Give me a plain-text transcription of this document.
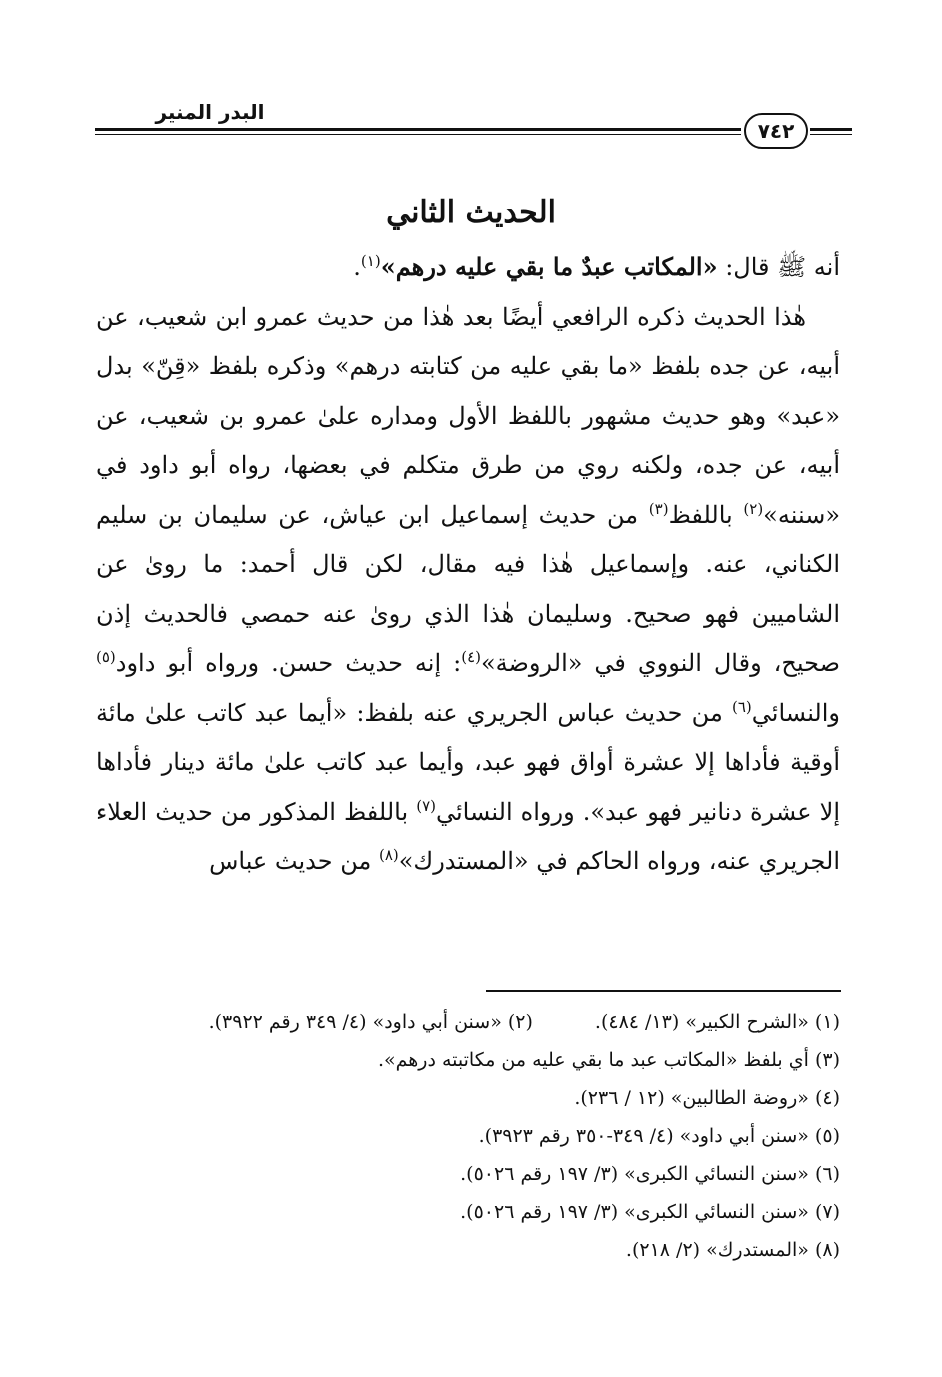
البدر المنير
٧٤٢
الحديث الثاني

أنه ﷺ قال: «المكاتب عبدٌ ما بقي عليه درهم»$^{(١)}$.

هٰذا الحديث ذكره الرافعي أيضًا بعد هٰذا من حديث عمرو ابن شعيب، عن أبيه، عن جده بلفظ «ما بقي عليه من كتابته درهم» وذكره بلفظ «قِنّ» بدل «عبد» وهو حديث مشهور باللفظ الأول ومداره علىٰ عمرو بن شعيب، عن أبيه، عن جده، ولكنه روي من طرق متكلم في بعضها، رواه أبو داود في «سننه»$^{(٢)}$ باللفظ$^{(٣)}$ من حديث إسماعيل ابن عياش، عن سليمان بن سليم الكناني، عنه. وإسماعيل هٰذا فيه مقال، لكن قال أحمد: ما روىٰ عن الشاميين فهو صحيح. وسليمان هٰذا الذي روىٰ عنه حمصي فالحديث إذن صحيح، وقال النووي في «الروضة»$^{(٤)}$: إنه حديث حسن. ورواه أبو داود$^{(٥)}$ والنسائي$^{(٦)}$ من حديث عباس الجريري عنه بلفظ: «أيما عبد كاتب علىٰ مائة أوقية فأداها إلا عشرة أواق فهو عبد، وأيما عبد كاتب علىٰ مائة دينار فأداها إلا عشرة دنانير فهو عبد». ورواه النسائي$^{(٧)}$ باللفظ المذكور من حديث العلاء الجريري عنه، ورواه الحاكم في «المستدرك»$^{(٨)}$ من حديث عباس

(١) «الشرح الكبير» (١٣/ ٤٨٤).(٢) «سنن أبي داود» (٤/ ٣٤٩ رقم ٣٩٢٢).
(٣) أي بلفظ «المكاتب عبد ما بقي عليه من مكاتبته درهم».
(٤) «روضة الطالبين» (١٢ / ٢٣٦).
(٥) «سنن أبي داود» (٤/ ٣٤٩-٣٥٠ رقم ٣٩٢٣).
(٦) «سنن النسائي الكبرى» (٣/ ١٩٧ رقم ٥٠٢٦).
(٧) «سنن النسائي الكبرى» (٣/ ١٩٧ رقم ٥٠٢٦).
(٨) «المستدرك» (٢/ ٢١٨).
